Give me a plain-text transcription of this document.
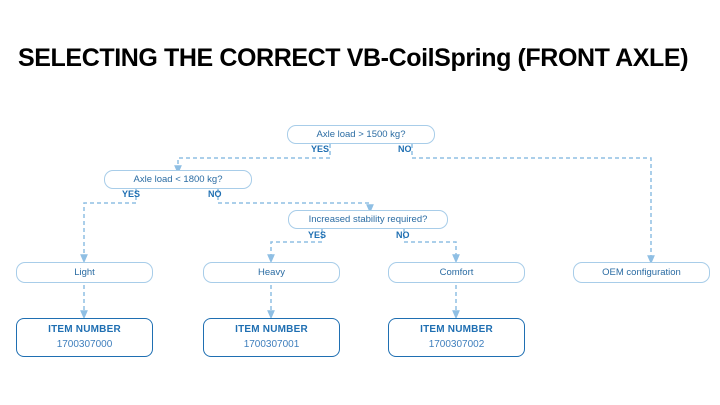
SELECTING THE CORRECT VB-CoilSpring (FRONT AXLE)
Axle load > 1500 kg?
Axle load < 1800 kg?
Increased stability required?
YES	NO
YES	NO
YES	NO
Light	Heavy	Comfort	OEM configuration
ITEM NUMBER
1700307000
ITEM NUMBER
1700307001
ITEM NUMBER
1700307002
